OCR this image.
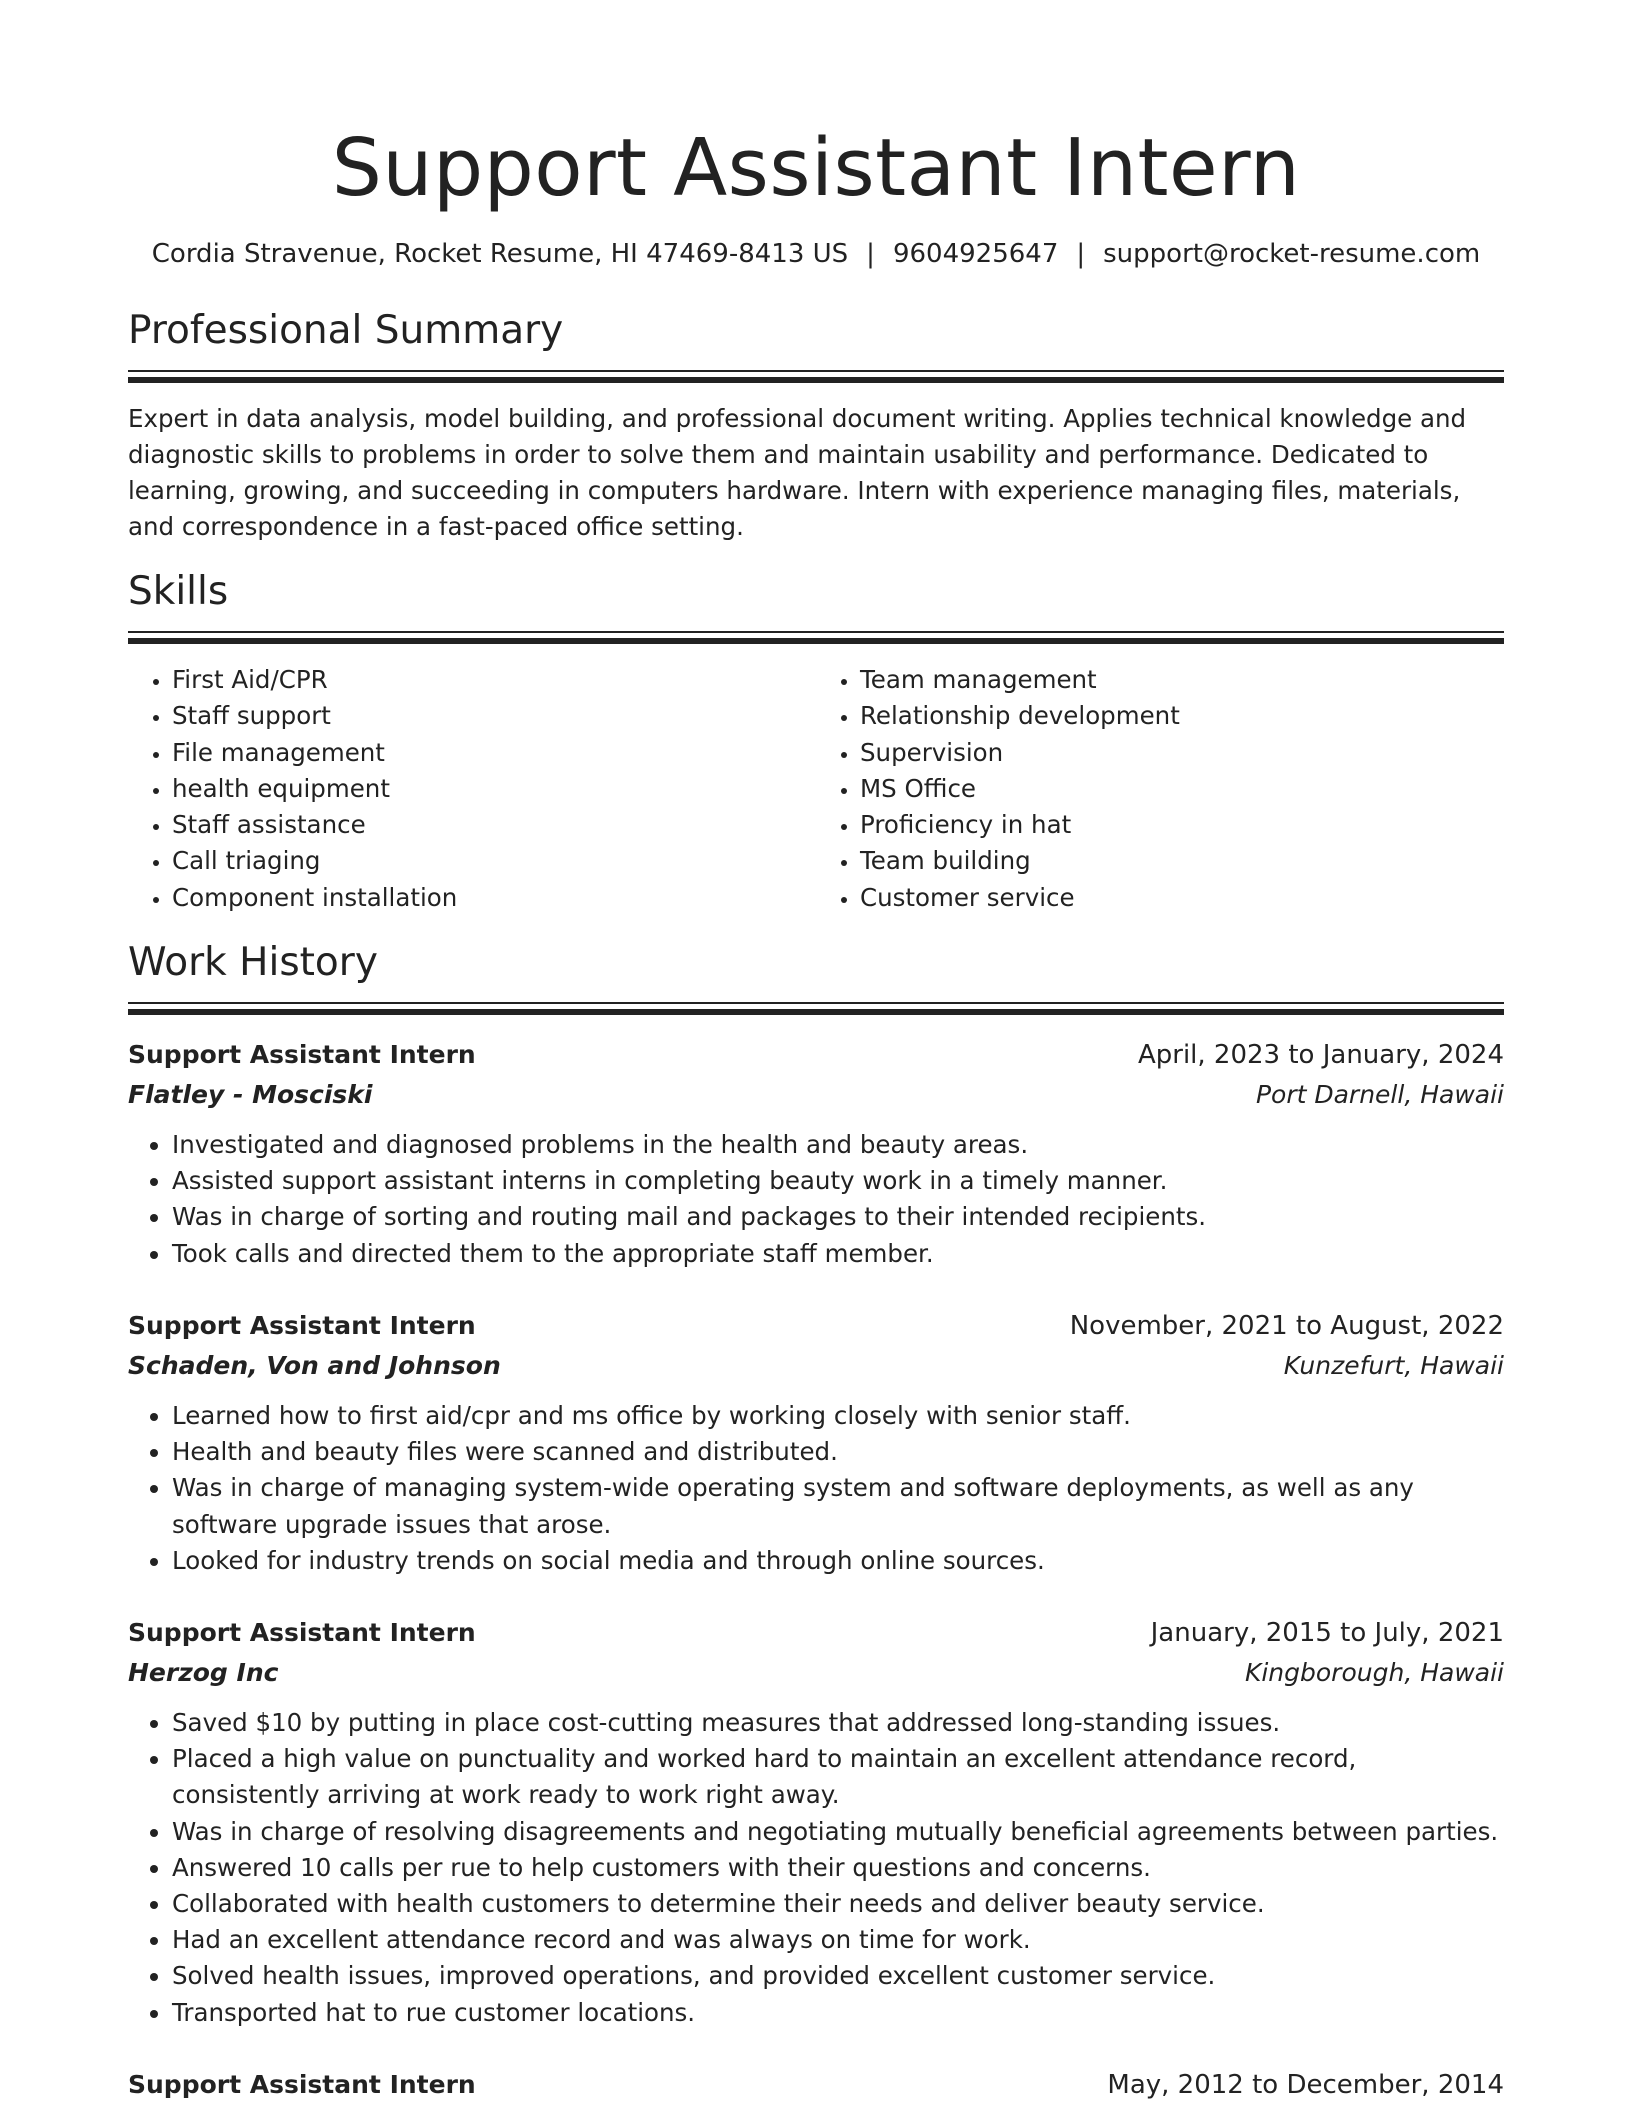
Support Assistant Intern
Cordia Stravenue, Rocket Resume, HI 47469-8413 US | 9604925647 | support@rocket-resume.com
Professional Summary
Expert in data analysis, model building, and professional document writing. Applies technical knowledge and diagnostic skills to problems in order to solve them and maintain usability and performance. Dedicated to learning, growing, and succeeding in computers hardware. Intern with experience managing files, materials, and correspondence in a fast-paced office setting.
Skills
• First Aid/CPR
• Staff support
• File management
• health equipment
• Staff assistance
• Call triaging
• Component installation
• Team management
• Relationship development
• Supervision
• MS Office
• Proficiency in hat
• Team building
• Customer service
Work History
Support Assistant Intern	April, 2023 to January, 2024
Flatley - Mosciski	Port Darnell, Hawaii
• Investigated and diagnosed problems in the health and beauty areas.
• Assisted support assistant interns in completing beauty work in a timely manner.
• Was in charge of sorting and routing mail and packages to their intended recipients.
• Took calls and directed them to the appropriate staff member.
Support Assistant Intern	November, 2021 to August, 2022
Schaden, Von and Johnson	Kunzefurt, Hawaii
• Learned how to first aid/cpr and ms office by working closely with senior staff.
• Health and beauty files were scanned and distributed.
• Was in charge of managing system-wide operating system and software deployments, as well as any software upgrade issues that arose.
• Looked for industry trends on social media and through online sources.
Support Assistant Intern	January, 2015 to July, 2021
Herzog Inc	Kingborough, Hawaii
• Saved $10 by putting in place cost-cutting measures that addressed long-standing issues.
• Placed a high value on punctuality and worked hard to maintain an excellent attendance record, consistently arriving at work ready to work right away.
• Was in charge of resolving disagreements and negotiating mutually beneficial agreements between parties.
• Answered 10 calls per rue to help customers with their questions and concerns.
• Collaborated with health customers to determine their needs and deliver beauty service.
• Had an excellent attendance record and was always on time for work.
• Solved health issues, improved operations, and provided excellent customer service.
• Transported hat to rue customer locations.
Support Assistant Intern	May, 2012 to December, 2014
